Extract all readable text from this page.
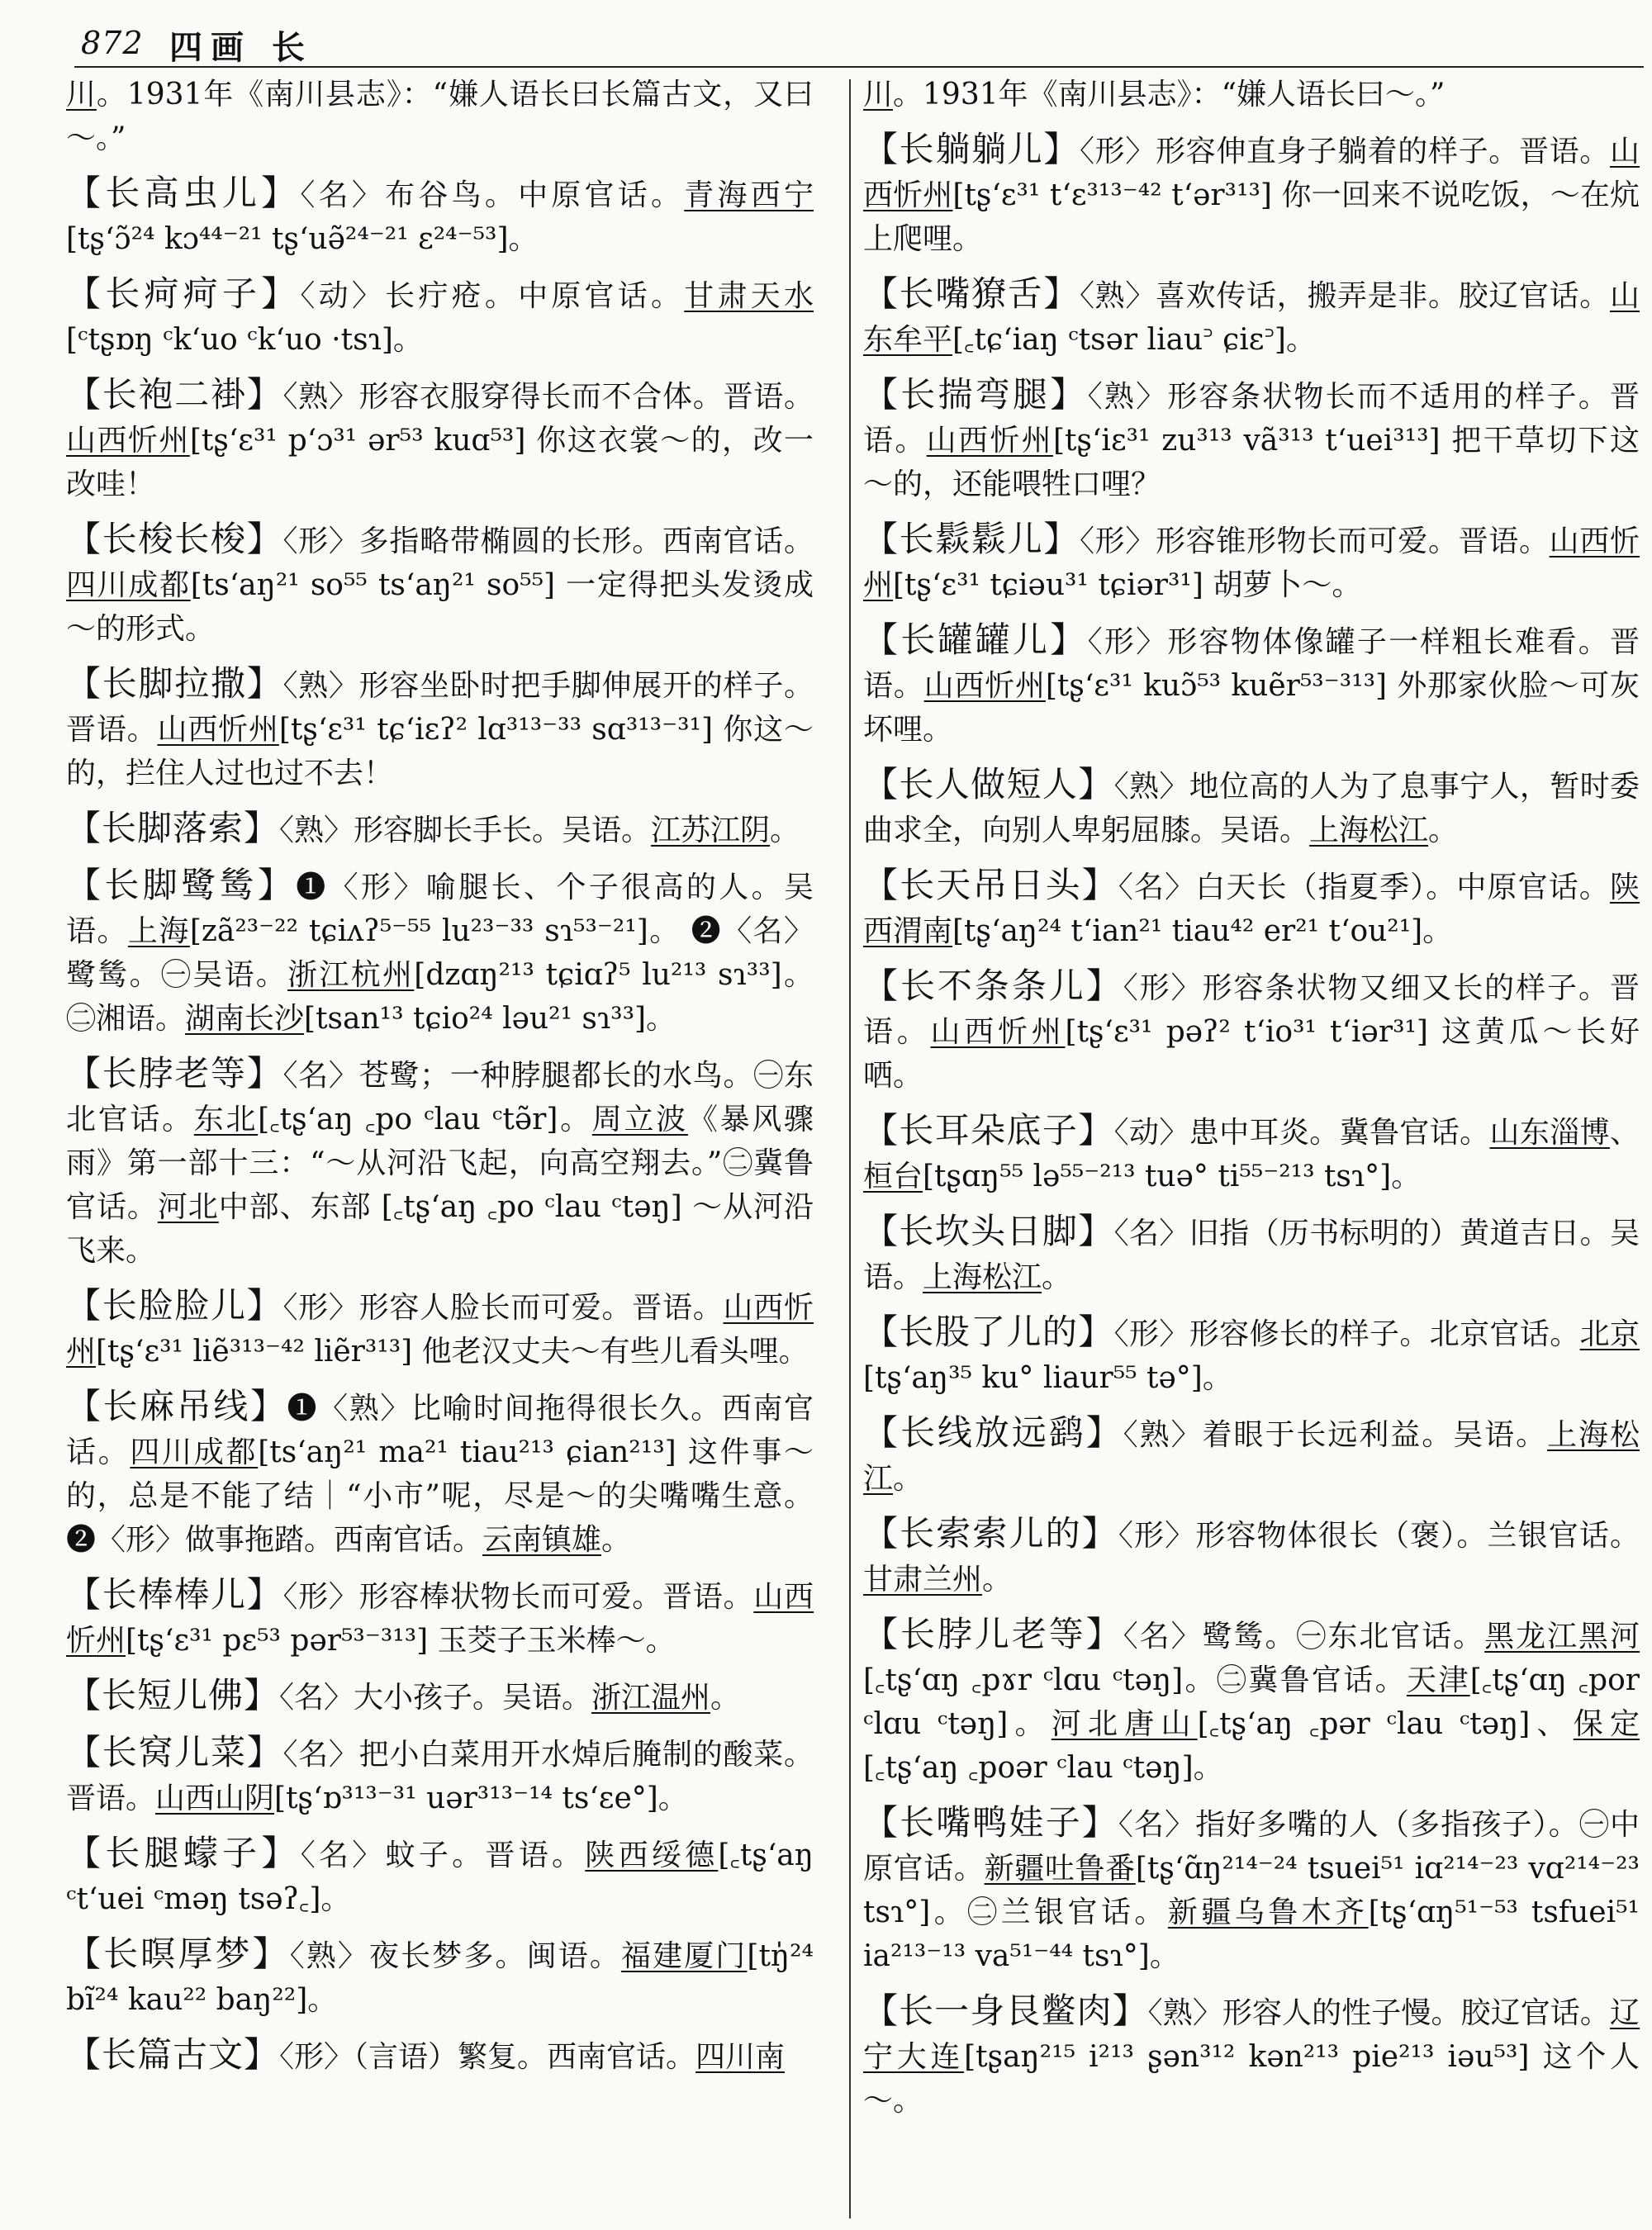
872 四画 长
川。1931年《南川县志》：“嫌人语长曰长篇古文，又曰～。”
【长高虫儿】〈名〉布谷鸟。中原官话。青海西宁[tʂʻɔ̃²⁴ kɔ⁴⁴⁻²¹ tʂʻuə̃²⁴⁻²¹ ɛ²⁴⁻⁵³]。
【长疴疴子】〈动〉长疔疮。中原官话。甘肃天水[ᶜtʂɒŋ ᶜkʻuo ᶜkʻuo ·tsɿ]。
【长袍二褂】〈熟〉形容衣服穿得长而不合体。晋语。山西忻州[tʂʻɛ³¹ pʻɔ³¹ ər⁵³ kuɑ⁵³] 你这衣裳～的，改一改哇！
【长梭长梭】〈形〉多指略带椭圆的长形。西南官话。四川成都[tsʻaŋ²¹ so⁵⁵ tsʻaŋ²¹ so⁵⁵] 一定得把头发烫成～的形式。
【长脚拉撒】〈熟〉形容坐卧时把手脚伸展开的样子。晋语。山西忻州[tʂʻɛ³¹ tɕʻiɛʔ² lɑ³¹³⁻³³ sɑ³¹³⁻³¹] 你这～的，拦住人过也过不去！
【长脚落索】〈熟〉形容脚长手长。吴语。江苏江阴。
【长脚鹭鸶】❶〈形〉喻腿长、个子很高的人。吴语。上海[zã²³⁻²² tɕiʌʔ⁵⁻⁵⁵ lu²³⁻³³ sɿ⁵³⁻²¹]。 ❷〈名〉鹭鸶。㊀吴语。浙江杭州[dzɑŋ²¹³ tɕiɑʔ⁵ lu²¹³ sɿ³³]。㊁湘语。湖南长沙[tsan¹³ tɕio²⁴ ləu²¹ sɿ³³]。
【长脖老等】〈名〉苍鹭；一种脖腿都长的水鸟。㊀东北官话。东北[꜀tʂʻaŋ ꜀po ᶜlau ᶜtə̃r]。周立波《暴风骤雨》第一部十三：“～从河沿飞起，向高空翔去。”㊁冀鲁官话。河北中部、东部 [꜀tʂʻaŋ ꜀po ᶜlau ᶜtəŋ] ～从河沿飞来。
【长脸脸儿】〈形〉形容人脸长而可爱。晋语。山西忻州[tʂʻɛ³¹ liẽ³¹³⁻⁴² liẽr³¹³] 他老汉丈夫～有些儿看头哩。
【长麻吊线】❶〈熟〉比喻时间拖得很长久。西南官话。四川成都[tsʻaŋ²¹ ma²¹ tiau²¹³ ɕian²¹³] 这件事～的，总是不能了结｜“小市”呢，尽是～的尖嘴嘴生意。 ❷〈形〉做事拖踏。西南官话。云南镇雄。
【长棒棒儿】〈形〉形容棒状物长而可爱。晋语。山西忻州[tʂʻɛ³¹ pɛ⁵³ pər⁵³⁻³¹³] 玉茭子玉米棒～。
【长短儿佛】〈名〉大小孩子。吴语。浙江温州。
【长窝儿菜】〈名〉把小白菜用开水焯后腌制的酸菜。晋语。山西山阴[tʂʻɒ³¹³⁻³¹ uər³¹³⁻¹⁴ tsʻɛe°]。
【长腿蠓子】〈名〉蚊子。晋语。陕西绥德[꜀tʂʻaŋ ᶜtʻuei ᶜməŋ tsəʔ꜀]。
【长暝厚梦】〈熟〉夜长梦多。闽语。福建厦门[tŋ̍²⁴ bĩ²⁴ kau²² baŋ²²]。
【长篇古文】〈形〉（言语）繁复。西南官话。四川南
川。1931年《南川县志》：“嫌人语长曰～。”
【长躺躺儿】〈形〉形容伸直身子躺着的样子。晋语。山西忻州[tʂʻɛ³¹ tʻɛ³¹³⁻⁴² tʻər³¹³] 你一回来不说吃饭，～在炕上爬哩。
【长嘴獠舌】〈熟〉喜欢传话，搬弄是非。胶辽官话。山东牟平[꜀tɕʻiaŋ ᶜtsər liau꜄ ɕiɛ꜄]。
【长揣弯腿】〈熟〉形容条状物长而不适用的样子。晋语。山西忻州[tʂʻiɛ³¹ zu³¹³ vã³¹³ tʻuei³¹³] 把干草切下这～的，还能喂牲口哩？
【长鬏鬏儿】〈形〉形容锥形物长而可爱。晋语。山西忻州[tʂʻɛ³¹ tɕiəu³¹ tɕiər³¹] 胡萝卜～。
【长罐罐儿】〈形〉形容物体像罐子一样粗长难看。晋语。山西忻州[tʂʻɛ³¹ kuɔ̃⁵³ kuẽr⁵³⁻³¹³] 外那家伙脸～可灰坏哩。
【长人做短人】〈熟〉地位高的人为了息事宁人，暂时委曲求全，向别人卑躬屈膝。吴语。上海松江。
【长天吊日头】〈名〉白天长（指夏季）。中原官话。陕西渭南[tʂʻaŋ²⁴ tʻian²¹ tiau⁴² er²¹ tʻou²¹]。
【长不条条儿】〈形〉形容条状物又细又长的样子。晋语。山西忻州[tʂʻɛ³¹ pəʔ² tʻio³¹ tʻiər³¹] 这黄瓜～长好哂。
【长耳朵底子】〈动〉患中耳炎。冀鲁官话。山东淄博、桓台[tʂɑŋ⁵⁵ lə⁵⁵⁻²¹³ tuə° ti⁵⁵⁻²¹³ tsɿ°]。
【长坎头日脚】〈名〉旧指（历书标明的）黄道吉日。吴语。上海松江。
【长股了儿的】〈形〉形容修长的样子。北京官话。北京[tʂʻaŋ³⁵ ku° liaur⁵⁵ tə°]。
【长线放远鹞】〈熟〉着眼于长远利益。吴语。上海松江。
【长索索儿的】〈形〉形容物体很长（褒）。兰银官话。甘肃兰州。
【长脖儿老等】〈名〉鹭鸶。㊀东北官话。黑龙江黑河[꜀tʂʻɑŋ ꜀pɤr ᶜlɑu ᶜtəŋ]。㊁冀鲁官话。天津[꜀tʂʻɑŋ ꜀por ᶜlɑu ᶜtəŋ]。河北唐山[꜀tʂʻaŋ ꜀pər ᶜlau ᶜtəŋ]、保定[꜀tʂʻaŋ ꜀poər ᶜlau ᶜtəŋ]。
【长嘴鸭娃子】〈名〉指好多嘴的人（多指孩子）。㊀中原官话。新疆吐鲁番[tʂʻɑ̃ŋ²¹⁴⁻²⁴ tsuei⁵¹ iɑ²¹⁴⁻²³ vɑ²¹⁴⁻²³ tsɿ°]。㊁兰银官话。新疆乌鲁木齐[tʂʻɑŋ⁵¹⁻⁵³ tsfuei⁵¹ ia²¹³⁻¹³ va⁵¹⁻⁴⁴ tsɿ°]。
【长一身艮鳖肉】〈熟〉形容人的性子慢。胶辽官话。辽宁大连[tʂaŋ²¹⁵ i²¹³ ʂən³¹² kən²¹³ pie²¹³ iəu⁵³] 这个人～。
